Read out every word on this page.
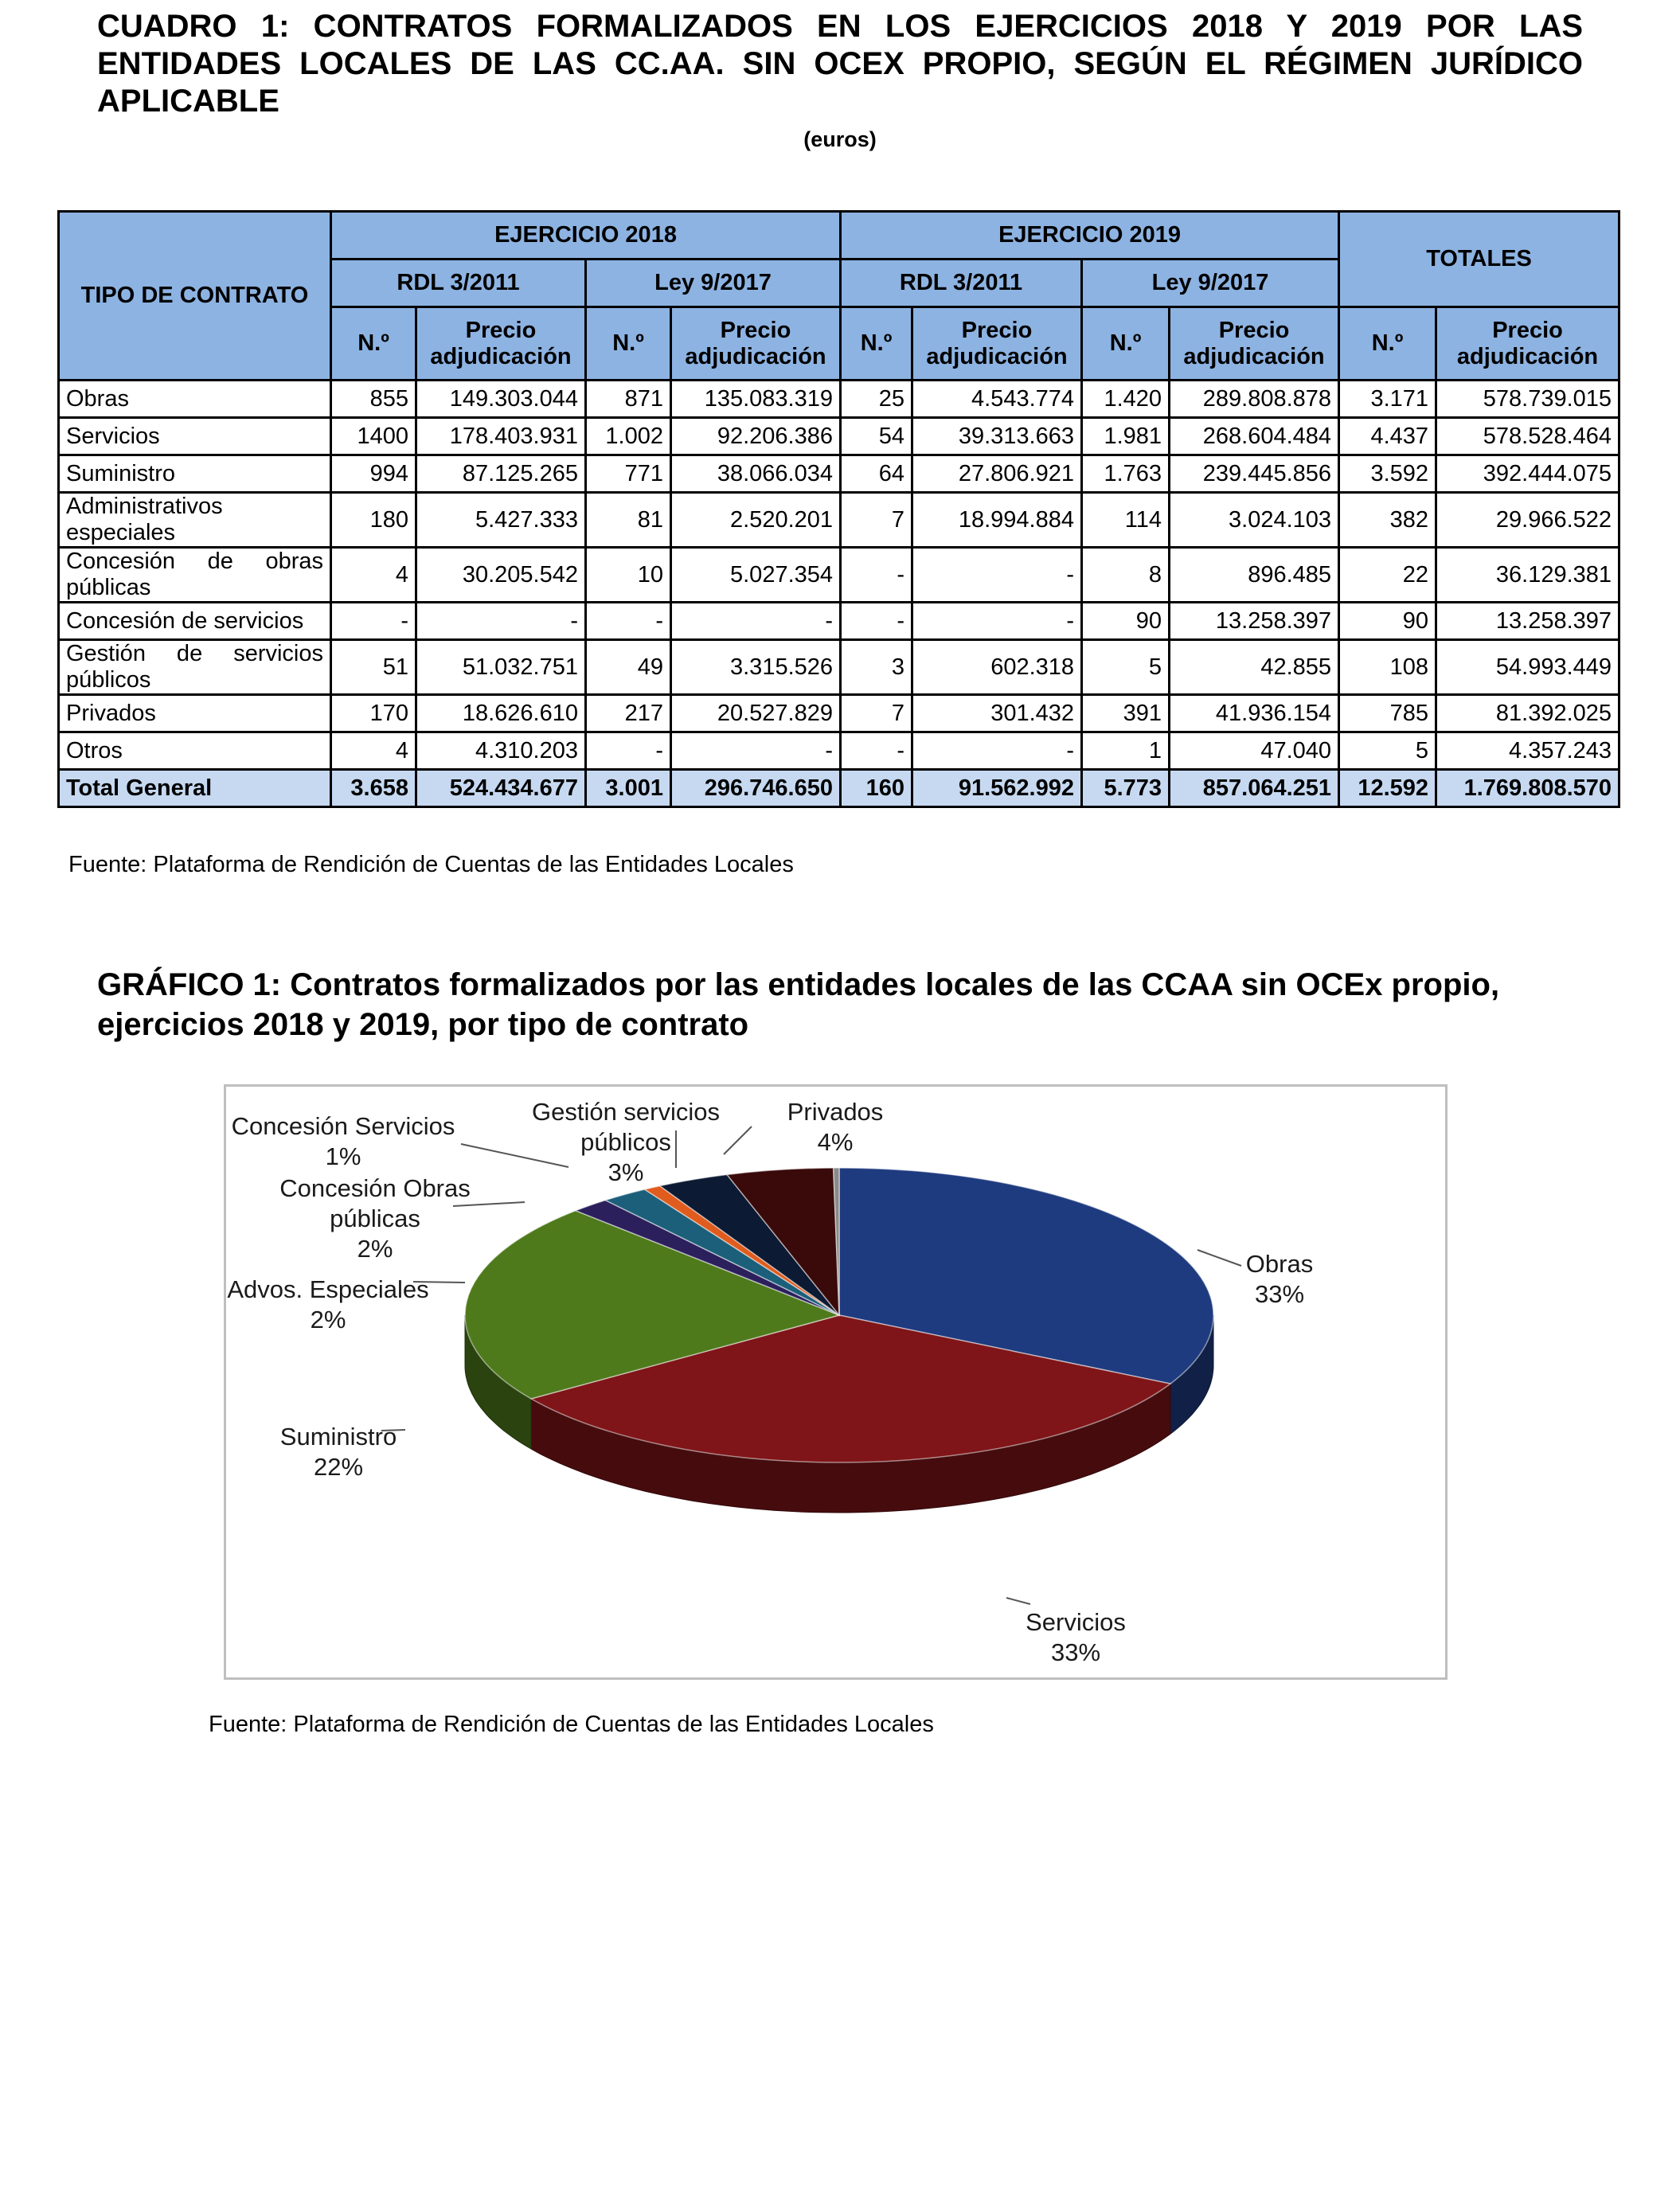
CUADRO 1: CONTRATOS FORMALIZADOS EN LOS EJERCICIOS 2018 Y 2019 POR LAS ENTIDADES LOCALES DE LAS CC.AA. SIN OCEX PROPIO, SEGÚN EL RÉGIMEN JURÍDICO APLICABLE

(euros)
TIPO DE CONTRATO	EJERCICIO 2018				EJERCICIO 2019				TOTALES	
	RDL 3/2011		Ley 9/2017		RDL 3/2011		Ley 9/2017			
	N.º	Precio adjudicación	N.º	Precio adjudicación	N.º	Precio adjudicación	N.º	Precio adjudicación	N.º	Precio adjudicación
Obras	855	149.303.044	871	135.083.319	25	4.543.774	1.420	289.808.878	3.171	578.739.015
Servicios	1400	178.403.931	1.002	92.206.386	54	39.313.663	1.981	268.604.484	4.437	578.528.464
Suministro	994	87.125.265	771	38.066.034	64	27.806.921	1.763	239.445.856	3.592	392.444.075
Administrativos especiales	180	5.427.333	81	2.520.201	7	18.994.884	114	3.024.103	382	29.966.522
Concesión de obras públicas	4	30.205.542	10	5.027.354	-	-	8	896.485	22	36.129.381
Concesión de servicios	-	-	-	-	-	-	90	13.258.397	90	13.258.397
Gestión de servicios públicos	51	51.032.751	49	3.315.526	3	602.318	5	42.855	108	54.993.449
Privados	170	18.626.610	217	20.527.829	7	301.432	391	41.936.154	785	81.392.025
Otros	4	4.310.203	-	-	-	-	1	47.040	5	4.357.243
Total General	3.658	524.434.677	3.001	296.746.650	160	91.562.992	5.773	857.064.251	12.592	1.769.808.570
Fuente: Plataforma de Rendición de Cuentas de las Entidades Locales

GRÁFICO 1: Contratos formalizados por las entidades locales de las CCAA sin OCEx propio, ejercicios 2018 y 2019, por tipo de contrato

Obras 33%
Servicios 33%
Suministro 22%
Advos. Especiales 2%
Concesión Obras públicas 2%
Concesión Servicios 1%
Gestión servicios públicos 3%
Privados 4%
Fuente: Plataforma de Rendición de Cuentas de las Entidades Locales
